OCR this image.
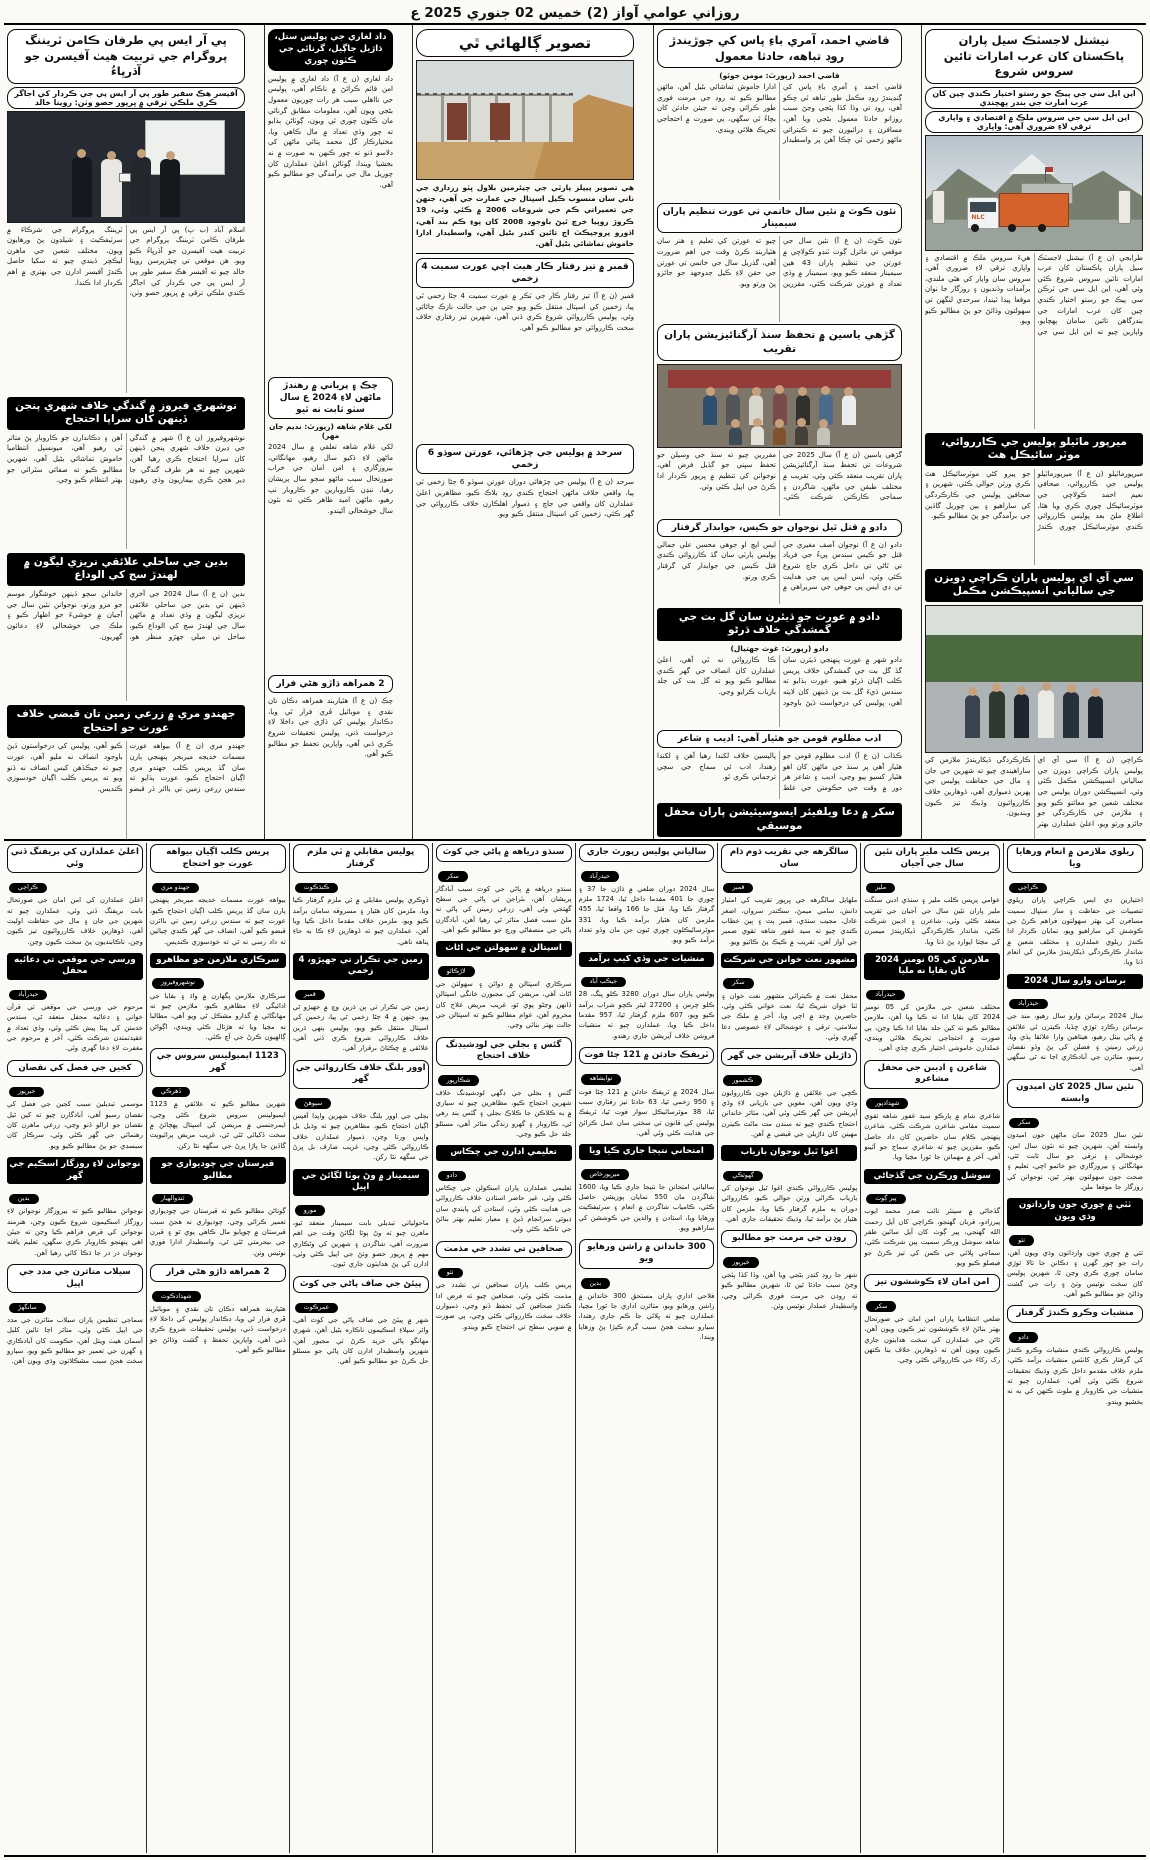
روزاني عوامي آواز (2) خميس 02 جنوري 2025 ع
نيشنل لاجسٽڪ سيل پاران پاڪستان کان عرب امارات تائين سروس شروع
اين ايل سي جي پيڪ جو رستو اختيار ڪندي چين کان عرب امارت جي بندر پهچندي
اين ايل سي جي سروس ملڪ ۾ اقتصادي ۽ واپاري ترقي لاءِ ضروري آهي: واپاري
NLC
طرابجي (ن ع آ) نيشنل لاجسٽڪ سيل پاران پاڪستان کان عرب امارات تائين سروس شروع ڪئي وئي آهي، اين ايل سي جي ٽرڪن سي پيڪ جو رستو اختيار ڪندي چين کان عرب امارات جي بندرگاهن تائين سامان پهچايو، واپارين چيو ته اين ايل سي جي هيءَ سروس ملڪ ۾ اقتصادي ۽ واپاري ترقي لاءِ ضروري آهي، سروس سان واپار کي هٿي ملندي، برآمدات وڌنديون ۽ روزگار جا نوان موقعا پيدا ٿيندا، سرحدي لنگهن تي سهولتون وڌائڻ جو پڻ مطالبو ڪيو ويو.
ميرپور ماٿيلو پوليس جي ڪارروائي، موٽر سائيڪل هٿ
ميرپورماٿيلو (ن ع آ) ميرپورماٿيلو پوليس جي ڪارروائي، صحافي نعيم احمد ڪولاچي جي موٽرسائيڪل چوري ڪري ويا هئا، اطلاع ملڻ بعد پوليس ڪارروائي ڪندي موٽرسائيڪل چوري ڪندڙ جو پيرو کڻي موٽرسائيڪل هٿ ڪري ورثن حوالي ڪئي، شهرين ۽ صحافين پوليس جي ڪارڪردگي کي ساراهيو ۽ ٻين چوريل گاڏين جي برآمدگي جو پڻ مطالبو ڪيو.
سي آي اي پوليس پاران ڪراچي ڊويزن جي سالياني انسپيڪشن مڪمل

ڪراچي (ن ع آ) سي آي اي پوليس پاران ڪراچي ڊويزن جي سالياني انسپيڪشن مڪمل ڪئي وئي، انسپيڪشن دوران پوليس جي مختلف شعبن جو معائنو ڪيو ويو ۽ ملازمن جي ڪارڪردگي جو جائزو ورتو ويو، اعليٰ عملدارن بهتر ڪارڪردگي ڏيکاريندڙ ملازمن کي ساراهيندي چيو ته شهرين جي جان ۽ مال جي حفاظت پوليس جي پهرين ذميواري آهي، ڏوهارين خلاف ڪارروائيون وڌيڪ تيز ڪيون وينديون.
قاضي احمد، آمري باءِ پاس کي جوڙيندڙ روڊ تباهه، حادثا معمول
قاضي احمد (رپورٽ: مومن جوٽو)
قاضي احمد ۽ آمري باءِ پاس کي ڳنڍيندڙ روڊ مڪمل طور تباهه ٿي چڪو آهي، روڊ تي وڏا کڏا پئجي وڃڻ سبب روزانو حادثا معمول بڻجي ويا آهن، مسافرن ۽ ڊرائيورن چيو ته ڪيترائي ماڻهو زخمي ٿي چڪا آهن پر واسطيدار ادارا خاموش تماشائي بڻيل آهن، ماڻهن مطالبو ڪيو ته روڊ جي مرمت فوري طور ڪرائي وڃي ته جيئن حادثن کان بچاءُ ٿي سگهي، ٻي صورت ۾ احتجاجي تحريڪ هلائي ويندي.
نئون ڪوٽ ۾ نئين سال خاتمي تي عورت تنظيم پاران سيمينار
نئون ڪوٽ (ن ع آ) نئين سال جي موقعي تي مائرل ڳوٺ ٽنڊو ڪولاچي ۾ عورتن جي تنظيم پاران 43 هين سيمينار منعقد ڪيو ويو، سيمينار ۾ وڏي تعداد ۾ عورتن شرڪت ڪئي، مقررين چيو ته عورتن کي تعليم ۽ هنر سان هٿياربند ڪرڻ وقت جي اهم ضرورت آهي، گذريل سال جي خاتمي تي عورتن جي حقن لاءِ ڪيل جدوجهد جو جائزو پڻ ورتو ويو.
گڙهي ياسين ۾ تحفظ سنڌ آرگنائيزيشن پاران تقريب

گڙهي ياسين (ن ع آ) سال 2025 جي شروعات تي تحفظ سنڌ آرگنائيزيشن پاران تقريب منعقد ڪئي وئي، تقريب ۾ مختلف طبقن جي ماڻهن، شاگردن ۽ سماجي ڪارڪنن شرڪت ڪئي، مقررين چيو ته سنڌ جي وسيلن جو تحفظ سڀني جو گڏيل فرض آهي، نوجوانن کي تنظيم ۾ ڀرپور ڪردار ادا ڪرڻ جي اپيل ڪئي وئي.
دادو ۾ قتل ٿيل نوجوان جو ڪيس، جوابدار گرفتار
دادو (ن ع آ) نوجوان آصف مغيري جي قتل جو ڪيس سندس پيءُ جي فرياد تي ٿاڻي تي داخل ڪري جاچ شروع ڪئي وئي، ايس ايس پي جي هدايت تي ڊي ايس پي جوهي جي سربراهي ۾ ايس ايچ او جوهي محسن علي جمالي پوليس پارٽي سان گڏ ڪارروائي ڪندي قتل ڪيس جي جوابدار کي گرفتار ڪري ورتو.
دادو ۾ عورت جو ڌيئرن سان گل بت جي گمشدگي خلاف ڌرڻو
دادو (رپورٽ: غوث جهتيال)
دادو شهر ۾ عورت پنهنجي ڌيئرن سان گڏ گل بت جي گمشدگي خلاف پريس ڪلب اڳيان ڌرڻو هنيو، عورت ٻڌايو ته سندس ڌيءَ گل بت ٻن ڏينهن کان لاپته آهي، پوليس کي درخواست ڏيڻ باوجود ڪا ڪارروائي نه ٿي آهي، اعليٰ عملدارن کان انصاف جي گهر ڪندي مطالبو ڪيو ويو ته گل بت کي جلد بازياب ڪرايو وڃي.
ادب مظلوم قومن جو هٿيار آهي: اديب ۽ شاعر
ڪڏاب (ن ع آ) ادب مظلوم قومن جو هٿيار آهي پر سنڌ جي ماڻهن کان اهو هٿيار کسيو پيو وڃي، اديب ۽ شاعر هر دور ۾ وقت جي حڪومتن جي غلط پاليسين خلاف لکندا رهيا آهن ۽ لکندا رهندا، ادب ئي سماج جي سچي ترجماني ڪري ٿو.
سکر ۾ دعا ويلفيئر ايسوسيئيشن پاران محفل موسيقي
تصوير ڳالهائي ٿي
هي تصوير پيپلز پارٽي جي چيئرمين بلاول ڀٽو زرداري جي ناني سان منسوب ڪيل اسپتال جي عمارت جي آهي، جنهن جي تعميراتي ڪم جي شروعات 2006 ۾ ڪئي وئي، 19 ڪروڙ روپيا خرچ ٿيڻ باوجود 2008 کان پوءِ ڪم بند آهي، اڌورو پروجيڪٽ اڄ تائين کنڊر بڻيل آهي، واسطيدار ادارا خاموش تماشائي بڻيل آهن.
قمبر ۾ تيز رفتار ڪار هيٺ اچي عورت سميت 4 زخمي
قمبر (ن ع آ) تيز رفتار ڪار جي ٽڪر ۾ عورت سميت 4 ڄڻا زخمي ٿي پيا، زخمين کي اسپتال منتقل ڪيو ويو جتي ٻن جي حالت نازڪ ڄاڻائي وئي، پوليس ڪارروائي شروع ڪري ڏني آهي، شهرين تيز رفتاري خلاف سخت ڪارروائي جو مطالبو ڪيو آهي.
سرحد ۾ پوليس جي چڙهائي، عورتن سوڌو 6 زخمي
سرحد (ن ع آ) پوليس جي چڙهائي دوران عورتن سوڌو 6 ڄڻا زخمي ٿي پيا، واقعي خلاف ماڻهن احتجاج ڪندي روڊ بلاڪ ڪيو، مظاهرين اعليٰ عملدارن کان واقعي جي جاچ ۽ ذميوار اهلڪارن خلاف ڪارروائي جي گهر ڪئي، زخمين کي اسپتال منتقل ڪيو ويو.
داد لغاري جي پوليس ستل، ڌاڙيل جاڳيل، گرنائي جي ڪٽون چوري
داد لغاري (ن ع آ) داد لغاري ۾ پوليس امن قائم ڪرائڻ ۾ ناڪام آهي، پوليس جي نااهلي سبب هر رات چوريون معمول بڻجي ويون آهن، معلومات مطابق گرنائي مان ڪٽون چوري ٿي ويون، ڳوٺاڻن ٻڌايو ته چور وڏي تعداد ۾ مال ڪاهي ويا، مختيارڪار گل محمد پتائي ماڻهن کي دلاسو ڏنو ته چور ڪنهن به صورت ۾ نه بخشيا ويندا، ڳوٺاڻن اعليٰ عملدارن کان چوريل مال جي برآمدگي جو مطالبو ڪيو آهي.
چڪ ۽ پرياني ۾ رهندڙ ماڻهن لاءِ 2024 ع سال سٺو ثابت نه ٿيو
لکي غلام شاهه (رپورٽ: نديم جان مهر)
لکي غلام شاهه تعلقي ۾ سال 2024 ماڻهن لاءِ ڏکيو سال رهيو، مهانگائي، بيروزگاري ۽ امن امان جي خراب صورتحال سبب ماڻهو سڄو سال پريشان رهيا، ننڍن ڪاروبارين جو ڪاروبار ٺپ رهيو، ماڻهن اميد ظاهر ڪئي ته نئون سال خوشحالي آڻيندو.
2 همراهه ڌاڙو هڻي فرار
چڪ (ن ع آ) هٿياربند همراهه دڪان تان نقدي ۽ موبائيل ڦري فرار ٿي ويا، دڪاندار پوليس کي ڌاڙي جي داخلا لاءِ درخواست ڏني، پوليس تحقيقات شروع ڪري ڏني آهي، واپارين تحفظ جو مطالبو ڪيو آهي.
پي آر ايس پي طرفان ڪامن ٽريننگ پروگرام جي تربيت هيٺ آفيسرن جو آڌرڀاءُ
آفيسر هڪ سفير طور پي آر ايس پي جي ڪردار کي اجاگر ڪري ملڪي ترقي ۾ ڀرپور حصو وٺن: روينا خالد

اسلام آباد (ب پ) پي آر ايس پي طرفان ڪامن ٽريننگ پروگرام جي تربيت هيٺ آفيسرن جو آڌرڀاءُ ڪيو ويو، هن موقعي تي چيئرپرسن روينا خالد چيو ته آفيسر هڪ سفير طور پي آر ايس پي جي ڪردار کي اجاگر ڪندي ملڪي ترقي ۾ ڀرپور حصو وٺن، ٽريننگ پروگرام جي شرڪاءَ ۾ سرٽيفڪيٽ ۽ شيلڊون پڻ ورهايون ويون، مختلف شعبن جي ماهرن ليڪچر ڏيندي چيو ته سکيا حاصل ڪندڙ آفيسر ادارن جي بهتري ۾ اهم ڪردار ادا ڪندا.
نوشهري فيروز ۾ گندگي خلاف شهري پنجن ڏينهن کان سراپا احتجاج
نوشهروفيروز (ن ع آ) شهر ۾ گندگي جي ڍيرن خلاف شهري پنجن ڏينهن کان سراپا احتجاج ڪري رهيا آهن، شهرين چيو ته هر طرف گندگي جا ڍير هجڻ ڪري بيماريون وڌي رهيون آهن ۽ دڪاندارن جو ڪاروبار پڻ متاثر ٿي رهيو آهي، ميونسپل انتظاميا خاموش تماشائي بڻيل آهي، شهرين مطالبو ڪيو ته صفائي سٿرائي جو بهتر انتظام ڪيو وڃي.
بدين جي ساحلي علائقي نريزي ليگون ۾ لهندڙ سج کي الوداع
بدين (ن ع آ) سال 2024 جي آخري ڏينهن تي بدين جي ساحلي علائقي نريزي ليگون ۾ وڏي تعداد ۾ ماڻهن سال جي لهندڙ سج کي الوداع ڪيو، ساحل تي ميلي جهڙو منظر هو، خاندانن سڄو ڏينهن خوشگوار موسم جو مزو ورتو، نوجوانن نئين سال جي آجيان ۾ خوشيءَ جو اظهار ڪيو ۽ ملڪ جي خوشحالي لاءِ دعائون گهريون.
جهندو مري ۾ زرعي زمين تان قبضي خلاف عورت جو احتجاج
جهندو مري (ن ع آ) بيواهه عورت مسمات خديجه ميربحر پنهنجي ٻارن سان گڏ پريس ڪلب جهندو مري اڳيان احتجاج ڪيو، عورت ٻڌايو ته سندس زرعي زمين تي بااثر ڌر قبضو ڪيو آهي، پوليس کي درخواستون ڏيڻ باوجود انصاف نه مليو آهي، عورت چيو ته جيڪڏهن کيس انصاف نه ڏنو ويو ته پريس ڪلب اڳيان خودسوزي ڪنديس.
ريلوي ملازمن ۾ انعام ورهايا ويا
ڪراچي
اختيارين ڊي ايس ڪراچي پاران ريلوي تنصيبات جي حفاظت ۽ سار سنڀال سميت مسافرن کي بهتر سهولتون فراهم ڪرڻ جي ڪوشش کي ساراهيو ويو، نمايان ڪردار ادا ڪندڙ ريلوي عملدارن ۽ مختلف شعبن ۾ شاندار ڪارڪردگي ڏيکاريندڙ ملازمن کي انعام ڏنا ويا.
برساتن وارو سال 2024
حيدرآباد
سال 2024 برساتن وارو سال رهيو، مند جي برساتن رڪارڊ ٽوڙي ڇڏيا، ڪيترن ئي علائقن ۾ پاڻي بيٺل رهيو، هيٺاهين وارا علائقا ٻڏي ويا، زرعي زمينن ۽ فصلن کي پڻ وڏو نقصان رسيو، متاثرن جي آبادڪاري اڃا نه ٿي سگهي آهي.
نئين سال 2025 کان اميدون وابسته
سکر
نئين سال 2025 سان ماڻهن جون اميدون وابسته آهن، شهرين چيو ته نئون سال امن، خوشحالي ۽ ترقي جو سال ثابت ٿئي، مهانگائي ۽ بيروزگاري جو خاتمو اچي، تعليم ۽ صحت جون سهولتون بهتر ٿين، نوجوانن کي روزگار جا موقعا ملن.
ٺٽي ۾ چوري جون وارداتون وڌي ويون
ٺٽو
ٺٽي ۾ چوري جون وارداتون وڌي ويون آهن، رات جو چور گهرن ۽ دڪانن جا تالا ٽوڙي سامان چوري ڪري وڃن ٿا، شهرين پوليس کان سخت نوٽيس وٺڻ ۽ رات جي گشت وڌائڻ جو مطالبو ڪيو آهي.
منشيات وڪرو ڪندڙ گرفتار
دادو
پوليس ڪارروائي ڪندي منشيات وڪرو ڪندڙ کي گرفتار ڪري کانئس منشيات برآمد ڪئي، ملزم خلاف مقدمو داخل ڪري وڌيڪ تحقيقات شروع ڪئي وئي آهي، عملدارن چيو ته منشيات جي ڪاروبار ۾ ملوث ڪنهن کي به نه بخشيو ويندو.
پريس ڪلب ملير پاران نئين سال جي آجيان
ملير
عوامي پريس ڪلب ملير ۽ سنڌي ادبي سنگت ملير پاران نئين سال جي آجيان جي تقريب منعقد ڪئي وئي، شاعرن ۽ اديبن شرڪت ڪئي، شاندار ڪارڪردگي ڏيکاريندڙ ميمبرن کي مڃتا ايوارڊ پڻ ڏنا ويا.
ملازمن کي 05 نومبر 2024 کان بقايا نه مليا
حيدرآباد
مختلف شعبن جي ملازمن کي 05 نومبر 2024 کان بقايا ادا نه ڪيا ويا آهن، ملازمن مطالبو ڪيو ته کين جلد بقايا ادا ڪيا وڃن، ٻي صورت ۾ احتجاجي تحريڪ هلائي ويندي، عملدارن خاموشي اختيار ڪري ڇڏي آهي.
شاعرن ۽ اديبن جي محفل مشاعرو
شهدادپور
شاعري شام ۾ پارڪو سيد غفور شاهه تقوي سميت مقامي شاعرن شرڪت ڪئي، شاعرن پنهنجي ڪلام سان حاضرين کان داد حاصل ڪيو، مقررين چيو ته شاعري سماج جو آئينو آهي، آخر ۾ مهمانن جا ٿورا مڃيا ويا.
سوشل ورڪرن جي گڏجاڻي
پير ڳوٺ
گڏجاڻي ۾ سينئر نائب صدر محمد ايوب پيرزادو، قربان گهنجو، ڪراچي کان آيل رحمت الله گهنجي، پير ڳوٺ کان آيل سائين ظفر شاهه سوشل ورڪر سميت ٻين شرڪت ڪئي، سماجي ڀلائي جي ڪمن کي تيز ڪرڻ جو فيصلو ڪيو ويو.
امن امان لاءِ ڪوششون تيز
سکر
ضلعي انتظاميا پاران امن امان جي صورتحال بهتر بنائڻ لاءِ ڪوششون تيز ڪيون ويون آهن، ٿاڻن جي عملدارن کي سخت هدايتون جاري ڪيون ويون آهن ته ڏوهارين خلاف بنا ڪنهن رک رکاءَ جي ڪارروائي ڪئي وڃي.
سالگرهه جي تقريب ڌوم ڌام سان
قمبر
ملهايل سالگرهه جي ڀرپور تقريب کي امتياز دانش، سامي ميمڻ، سڪندر سروان، اصغر عادل، مجيب سنڌي، قمبر ٻٽ ۽ ٻين خطاب ڪندي چيو ته سيد غفور شاهه تقوي ضمير جي آواز آهن، تقريب ۾ ڪيڪ پڻ ڪاٽيو ويو.
مشهور نعت خوانن جي شرڪت
سکر
محفل نعت ۾ ڪيترائي مشهور نعت خوان ۽ ثنا خوان شريڪ ٿيا، نعت خواني ڪئي وئي، حاضرين وجد ۾ اچي ويا، آخر ۾ ملڪ جي سلامتي، ترقي ۽ خوشحالي لاءِ خصوصي دعا گهري وئي.
ڌاڙيلن خلاف آپريشن جي گهر
ڪشمور
ڪچي جي علائقن ۾ ڌاڙيلن جون ڪارروايون وڌي ويون آهن، مغوين جي بازيابي لاءِ وڏي آپريشن جي گهر ڪئي وئي آهي، متاثر خاندانن احتجاج ڪندي چيو ته سندن مٽ مائٽ ڪيترن مهينن کان ڌاڙيلن جي قبضي ۾ آهن.
اغوا ٿيل نوجوان بازياب
گهوٽڪي
پوليس ڪارروائي ڪندي اغوا ٿيل نوجوان کي بازياب ڪرائي ورثن حوالي ڪيو، ڪارروائي دوران ٻه ملزم گرفتار ڪيا ويا، ملزمن کان هٿيار پڻ برآمد ٿيا، وڌيڪ تحقيقات جاري آهي.
روڊن جي مرمت جو مطالبو
خيرپور
شهر جا روڊ کنڊر بڻجي ويا آهن، وڏا کڏا پئجي وڃڻ سبب حادثا ٿين ٿا، شهرين مطالبو ڪيو ته روڊن جي مرمت فوري ڪرائي وڃي، واسطيدار عملدار نوٽيس وٺن.
سالياني پوليس رپورٽ جاري
حيدرآباد
سال 2024 دوران ضلعي ۾ ڌاڙن جا 37 ۽ چوري جا 401 مقدما داخل ٿيا، 1724 ملزم گرفتار ڪيا ويا، قتل جا 166 واقعا ٿيا، 455 ملزمن کان هٿيار برآمد ڪيا ويا، 331 موٽرسائيڪلون چوري ٿيون جن مان وڏو تعداد برآمد ڪيو ويو.
منشيات جي وڏي کيپ برآمد
جيڪب آباد
پوليس پاران سال دوران 3280 ڪلو ڀنگ، 28 ڪلو چرس ۽ 27200 ليٽر ڪچو شراب برآمد ڪيو ويو، 607 ملزم گرفتار ٿيا، 957 مقدما داخل ڪيا ويا، عملدارن چيو ته منشيات فروشن خلاف آپريشن جاري رهندو.
ٽريفڪ حادثن ۾ 121 ڄڻا فوت
نوابشاهه
سال 2024 ۾ ٽريفڪ حادثن ۾ 121 ڄڻا فوت ۽ 950 زخمي ٿيا، 63 حادثا تيز رفتاري سبب ٿيا، 38 موٽرسائيڪل سوار فوت ٿيا، ٽريفڪ پوليس کي قانون تي سختي سان عمل ڪرائڻ جي هدايت ڪئي وئي آهي.
امتحاني نتيجا جاري ڪيا ويا
ميرپورخاص
سالياني امتحانن جا نتيجا جاري ڪيا ويا، 1600 شاگردن مان 550 نمايان پوزيشن حاصل ڪئي، ڪامياب شاگردن ۾ انعام ۽ سرٽيفڪيٽ ورهايا ويا، استادن ۽ والدين جي ڪوششن کي ساراهيو ويو.
300 خاندانن ۾ راشن ورهايو ويو
بدين
فلاحي اداري پاران مستحق 300 خاندانن ۾ راشن ورهايو ويو، متاثرن اداري جا ٿورا مڃيا، عملدارن چيو ته ڀلائي جا ڪم جاري رهندا، سيارو سخت هجڻ سبب گرم ڪپڙا پڻ ورهايا ويندا.
سنڌو درياهه ۾ پاڻي جي کوٽ
سکر
سنڌو درياهه ۾ پاڻي جي کوٽ سبب آبادگار پريشان آهن، بئراجن تي پاڻي جي سطح گهٽجي وئي آهي، زرعي زمينن کي پاڻي نه ملڻ سبب فصل متاثر ٿي رهيا آهن، آبادگارن پاڻي جي منصفاڻي ورڇ جو مطالبو ڪيو آهي.
اسپتالن ۾ سهولتن جي اڻاٺ
لاڙڪاڻو
سرڪاري اسپتالن ۾ دوائن ۽ سهولتن جي اڻاٺ آهي، مريضن کي مجبورن خانگي اسپتالن ڏانهن وڃڻو پوي ٿو، غريب مريض علاج کان محروم آهن، عوام مطالبو ڪيو ته اسپتالن جي حالت بهتر بنائي وڃي.
گئس ۽ بجلي جي لوڊشيڊنگ خلاف احتجاج
شڪارپور
گئس ۽ بجلي جي ڊگهي لوڊشيڊنگ خلاف شهرين احتجاج ڪيو، مظاهرين چيو ته سياري ۾ به ڪلاڪن جا ڪلاڪ بجلي ۽ گئس بند رهي ٿي، ڪاروبار ۽ گهرو زندگي متاثر آهي، مسئلو جلد حل ڪيو وڃي.
تعليمي ادارن جي چڪاس
دادو
تعليمي عملدارن پاران اسڪولن جي چڪاس ڪئي وئي، غير حاضر استادن خلاف ڪارروائي جي هدايت ڪئي وئي، استادن کي پابندي سان ڊيوٽي سرانجام ڏيڻ ۽ معيار تعليم بهتر بنائڻ جي تاڪيد ڪئي وئي.
صحافين تي تشدد جي مذمت
ٺٽو
پريس ڪلب پاران صحافين تي تشدد جي مذمت ڪئي وئي، صحافين چيو ته فرض ادا ڪندڙ صحافين کي تحفظ ڏنو وڃي، ذميوارن خلاف سخت ڪارروائي ڪئي وڃي، ٻي صورت ۾ صوبي سطح تي احتجاج ڪيو ويندو.
پوليس مقابلي ۾ ٽي ملزم گرفتار
ڪنڌڪوٽ
ڏوڪري پوليس مقابلي ۾ ٽي ملزم گرفتار ڪيا ويا، ملزمن کان هٿيار ۽ مسروقه سامان برآمد ڪيو ويو، ملزمن خلاف مقدما داخل ڪيا ويا آهن، عملدارن چيو ته ڏوهارين لاءِ ڪا به جاءِ پناهه ناهي.
زمين جي تڪرار تي جهيڙو، 4 زخمي
قمبر
زمين جي تڪرار تي ٻن ڌرين وچ ۾ جهيڙو ٿي پيو، جنهن ۾ 4 ڄڻا زخمي ٿي پيا، زخمين کي اسپتال منتقل ڪيو ويو، پوليس ٻنهي ڌرين خلاف ڪارروائي شروع ڪري ڏني آهي، علائقي ۾ ڇڪتاڻ برقرار آهي.
اوور بلنگ خلاف ڪارروائي جي گهر
سيوهڻ
بجلي جي اوور بلنگ خلاف شهرين واپڊا آفيس اڳيان احتجاج ڪيو، مظاهرين چيو ته وڌيل بل واپس ورتا وڃن، ذميوار عملدارن خلاف ڪارروائي ڪئي وڃي، غريب صارف بل ڀرڻ جي سگهه نٿا رکن.
سيمينار ۾ وڻ ٻوٽا لڳائڻ جي اپيل
مورو
ماحولياتي تبديلي بابت سيمينار منعقد ٿيو، ماهرن چيو ته وڻ ٻوٽا لڳائڻ وقت جي اهم ضرورت آهي، شاگردن ۽ شهرين کي وڻڪاري مهم ۾ ڀرپور حصو وٺڻ جي اپيل ڪئي وئي، ادارن کي پڻ هدايتون جاري ٿيون.
پيئڻ جي صاف پاڻي جي کوٽ
عمرڪوٽ
شهر ۾ پيئڻ جي صاف پاڻي جي کوٽ آهي، واٽر سپلاءِ اسڪيمون ناڪاره بڻيل آهن، شهري مهانگو پاڻي خريد ڪرڻ تي مجبور آهن، شهرين واسطيدار ادارن کان پاڻي جو مسئلو حل ڪرڻ جو مطالبو ڪيو آهي.
پريس ڪلب اڳيان بيواهه عورت جو احتجاج
جهندو مري
بيواهه عورت مسمات خديجه ميربحر پنهنجي ٻارن سان گڏ پريس ڪلب اڳيان احتجاج ڪيو، عورت چيو ته سندس زرعي زمين تي بااثرن قبضو ڪيو آهي، انصاف جي گهر ڪندي چيائين ته داد رسي نه ٿي ته خودسوزي ڪنديس.
سرڪاري ملازمن جو مظاهرو
نوشهروفيروز
سرڪاري ملازمن پگهارن ۾ واڌ ۽ بقايا جي ادائيگي لاءِ مظاهرو ڪيو، ملازمن چيو ته مهانگائي ۾ گذارو مشڪل ٿي ويو آهي، مطالبا نه مڃيا ويا ته هڙتال ڪئي ويندي، اڳواڻن ڳالهيون ڪرڻ جي آڇ ڪئي.
1123 ايمبولينس سروس جي گهر
ڏهرڪي
شهرين مطالبو ڪيو ته علائقي ۾ 1123 ايمبولينس سروس شروع ڪئي وڃي، ايمرجنسي ۾ مريضن کي اسپتال پهچائڻ ۾ سخت ڏکيائي ٿئي ٿي، غريب مريض پرائيويٽ گاڏين جا ڀاڙا ڀرڻ جي سگهه نٿا رکن.
قبرستان جي چوديواري جو مطالبو
ٽنڊوالهيار
ڳوٺاڻن مطالبو ڪيو ته قبرستان جي چوديواري تعمير ڪرائي وڃي، چوديواري نه هجڻ سبب قبرستان ۾ چوپايو مال ڪاهي پوي ٿو ۽ قبرن جي بيحرمتي ٿئي ٿي، واسطيدار ادارا فوري نوٽيس وٺن.
2 همراهه ڌاڙو هڻي فرار
شهدادڪوٽ
هٿياربند همراهه دڪان تان نقدي ۽ موبائيل ڦري فرار ٿي ويا، دڪاندار پوليس کي داخلا لاءِ درخواست ڏني، پوليس تحقيقات شروع ڪري ڏني آهي، واپارين تحفظ ۽ گشت وڌائڻ جو مطالبو ڪيو آهي.
اعليٰ عملدارن کي بريفنگ ڏني وئي
ڪراچي
اعليٰ عملدارن کي امن امان جي صورتحال بابت بريفنگ ڏني وئي، عملدارن چيو ته شهرين جي جان ۽ مال جي حفاظت اوليت آهي، ڏوهارين خلاف ڪارروائيون تيز ڪيون وڃن، ناڪابنديون پڻ سخت ڪيون وڃن.
ورسي جي موقعي تي دعائيه محفل
حيدرآباد
مرحوم جي ورسي جي موقعي تي قرآن خواني ۽ دعائيه محفل منعقد ٿي، سندس خدمتن کي ڀيٽا پيش ڪئي وئي، وڏي تعداد ۾ عقيدتمندن شرڪت ڪئي، آخر ۾ مرحوم جي مغفرت لاءِ دعا گهري وئي.
کجين جي فصل کي نقصان
خيرپور
موسمي تبديلين سبب کجين جي فصل کي نقصان رسيو آهي، آبادگارن چيو ته کين ٿيل نقصان جو ازالو ڏنو وڃي، زرعي ماهرن کان رهنمائي جي گهر ڪئي وئي، سرڪار کان سبسڊي جو پڻ مطالبو ڪيو ويو.
نوجوانن لاءِ روزگار اسڪيم جي گهر
بدين
نوجوانن مطالبو ڪيو ته بيروزگار نوجوانن لاءِ روزگار اسڪيمون شروع ڪيون وڃن، هنرمند نوجوانن کي قرض فراهم ڪيا وڃن ته جيئن اهي پنهنجو ڪاروبار ڪري سگهن، تعليم يافته نوجوان در در جا ڌڪا کائي رهيا آهن.
سيلاب متاثرن جي مدد جي اپيل
سانگهڙ
سماجي تنظيمن پاران سيلاب متاثرن جي مدد جي اپيل ڪئي وئي، متاثر اڃا تائين کليل آسمان هيٺ ويٺل آهن، حڪومت کان آبادڪاري ۽ گهرن جي تعمير جو مطالبو ڪيو ويو، سيارو سخت هجڻ سبب مشڪلاتون وڌي ويون آهن.
